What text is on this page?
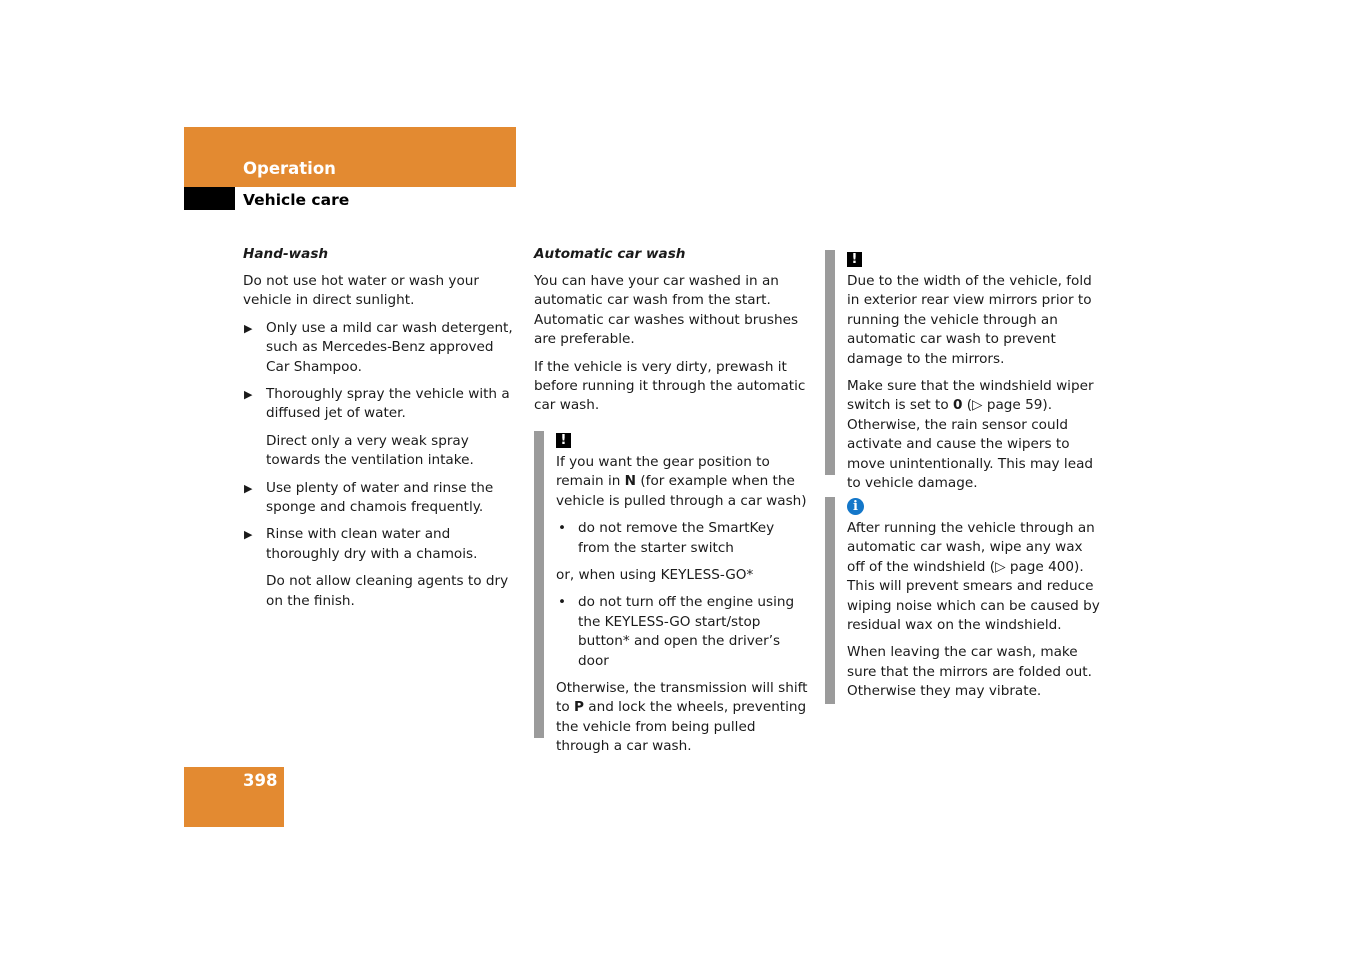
Operation
Vehicle care
Hand-wash

Do not use hot water or wash your vehicle in direct sunlight.

▶ Only use a mild car wash detergent, such as Mercedes-Benz approved Car Shampoo.
▶ Thoroughly spray the vehicle with a diffused jet of water.
Direct only a very weak spray towards the ventilation intake.
▶ Use plenty of water and rinse the sponge and chamois frequently.
▶ Rinse with clean water and thoroughly dry with a chamois.
Do not allow cleaning agents to dry on the finish.
Automatic car wash

You can have your car washed in an automatic car wash from the start. Automatic car washes without brushes are preferable.

If the vehicle is very dirty, prewash it before running it through the automatic car wash.

!

If you want the gear position to remain in N (for example when the vehicle is pulled through a car wash)

• do not remove the SmartKey from the starter switch

or, when using KEYLESS-GO*

• do not turn off the engine using the KEYLESS-GO start/stop button* and open the driver’s door

Otherwise, the transmission will shift to P and lock the wheels, preventing the vehicle from being pulled through a car wash.

!

Due to the width of the vehicle, fold in exterior rear view mirrors prior to running the vehicle through an automatic car wash to prevent damage to the mirrors.

Make sure that the windshield wiper switch is set to 0 (▷ page 59). Otherwise, the rain sensor could activate and cause the wipers to move unintentionally. This may lead to vehicle damage.

i

After running the vehicle through an automatic car wash, wipe any wax off of the windshield (▷ page 400). This will prevent smears and reduce wiping noise which can be caused by residual wax on the windshield.

When leaving the car wash, make sure that the mirrors are folded out. Otherwise they may vibrate.

398
